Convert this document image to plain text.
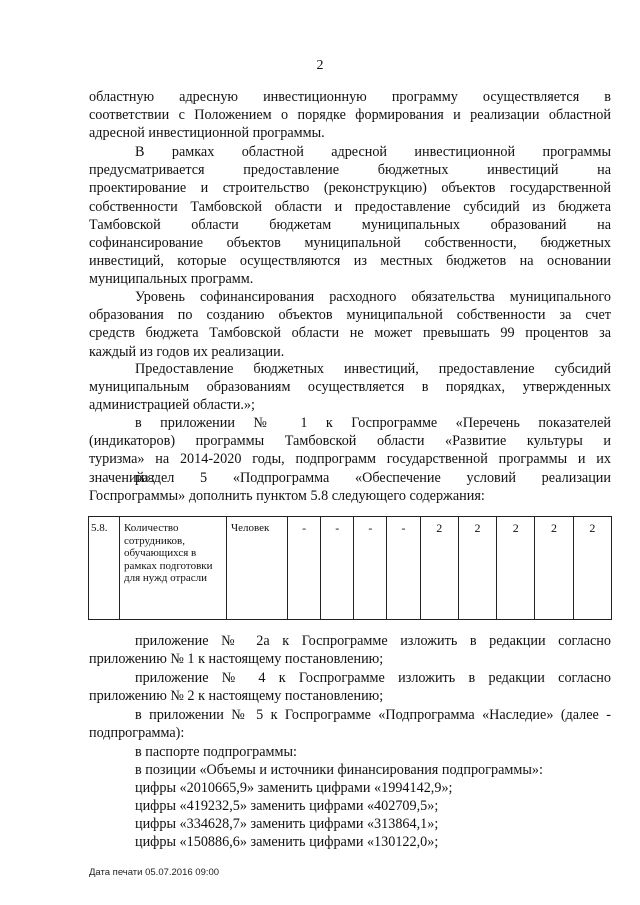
2

областную адресную инвестиционную программу осуществляется в
соответствии с Положением о порядке формирования и реализации областной
адресной инвестиционной программы.

В рамках областной адресной инвестиционной программы
предусматривается предоставление бюджетных инвестиций на
проектирование и строительство (реконструкцию) объектов государственной
собственности Тамбовской области и предоставление субсидий из бюджета
Тамбовской области бюджетам муниципальных образований на
софинансирование объектов муниципальной собственности, бюджетных
инвестиций, которые осуществляются из местных бюджетов на основании
муниципальных программ.

Уровень софинансирования расходного обязательства муниципального
образования по созданию объектов муниципальной собственности за счет
средств бюджета Тамбовской области не может превышать 99 процентов за
каждый из годов их реализации.

Предоставление бюджетных инвестиций, предоставление субсидий
муниципальным образованиям осуществляется в порядках, утвержденных
администрацией области.»;

в приложении № 1 к Госпрограмме «Перечень показателей
(индикаторов) программы Тамбовской области «Развитие культуры и
туризма» на 2014-2020 годы, подпрограмм государственной программы и их
значений»:

раздел 5 «Подпрограмма «Обеспечение условий реализации
Госпрограммы» дополнить пунктом 5.8 следующего содержания:

5.8.	Количество сотрудников, обучающихся в рамках подготовки для нужд отрасли	Человек	-	-	-	-	2	2	2	2	2

приложение № 2а к Госпрограмме изложить в редакции согласно
приложению № 1 к настоящему постановлению;

приложение № 4 к Госпрограмме изложить в редакции согласно
приложению № 2 к настоящему постановлению;

в приложении № 5 к Госпрограмме «Подпрограмма «Наследие» (далее -
подпрограмма):

в паспорте подпрограммы:

в позиции «Объемы и источники финансирования подпрограммы»:

цифры «2010665,9» заменить цифрами «1994142,9»;

цифры «419232,5» заменить цифрами «402709,5»;

цифры «334628,7» заменить цифрами «313864,1»;

цифры «150886,6» заменить цифрами «130122,0»;

Дата печати 05.07.2016 09:00
